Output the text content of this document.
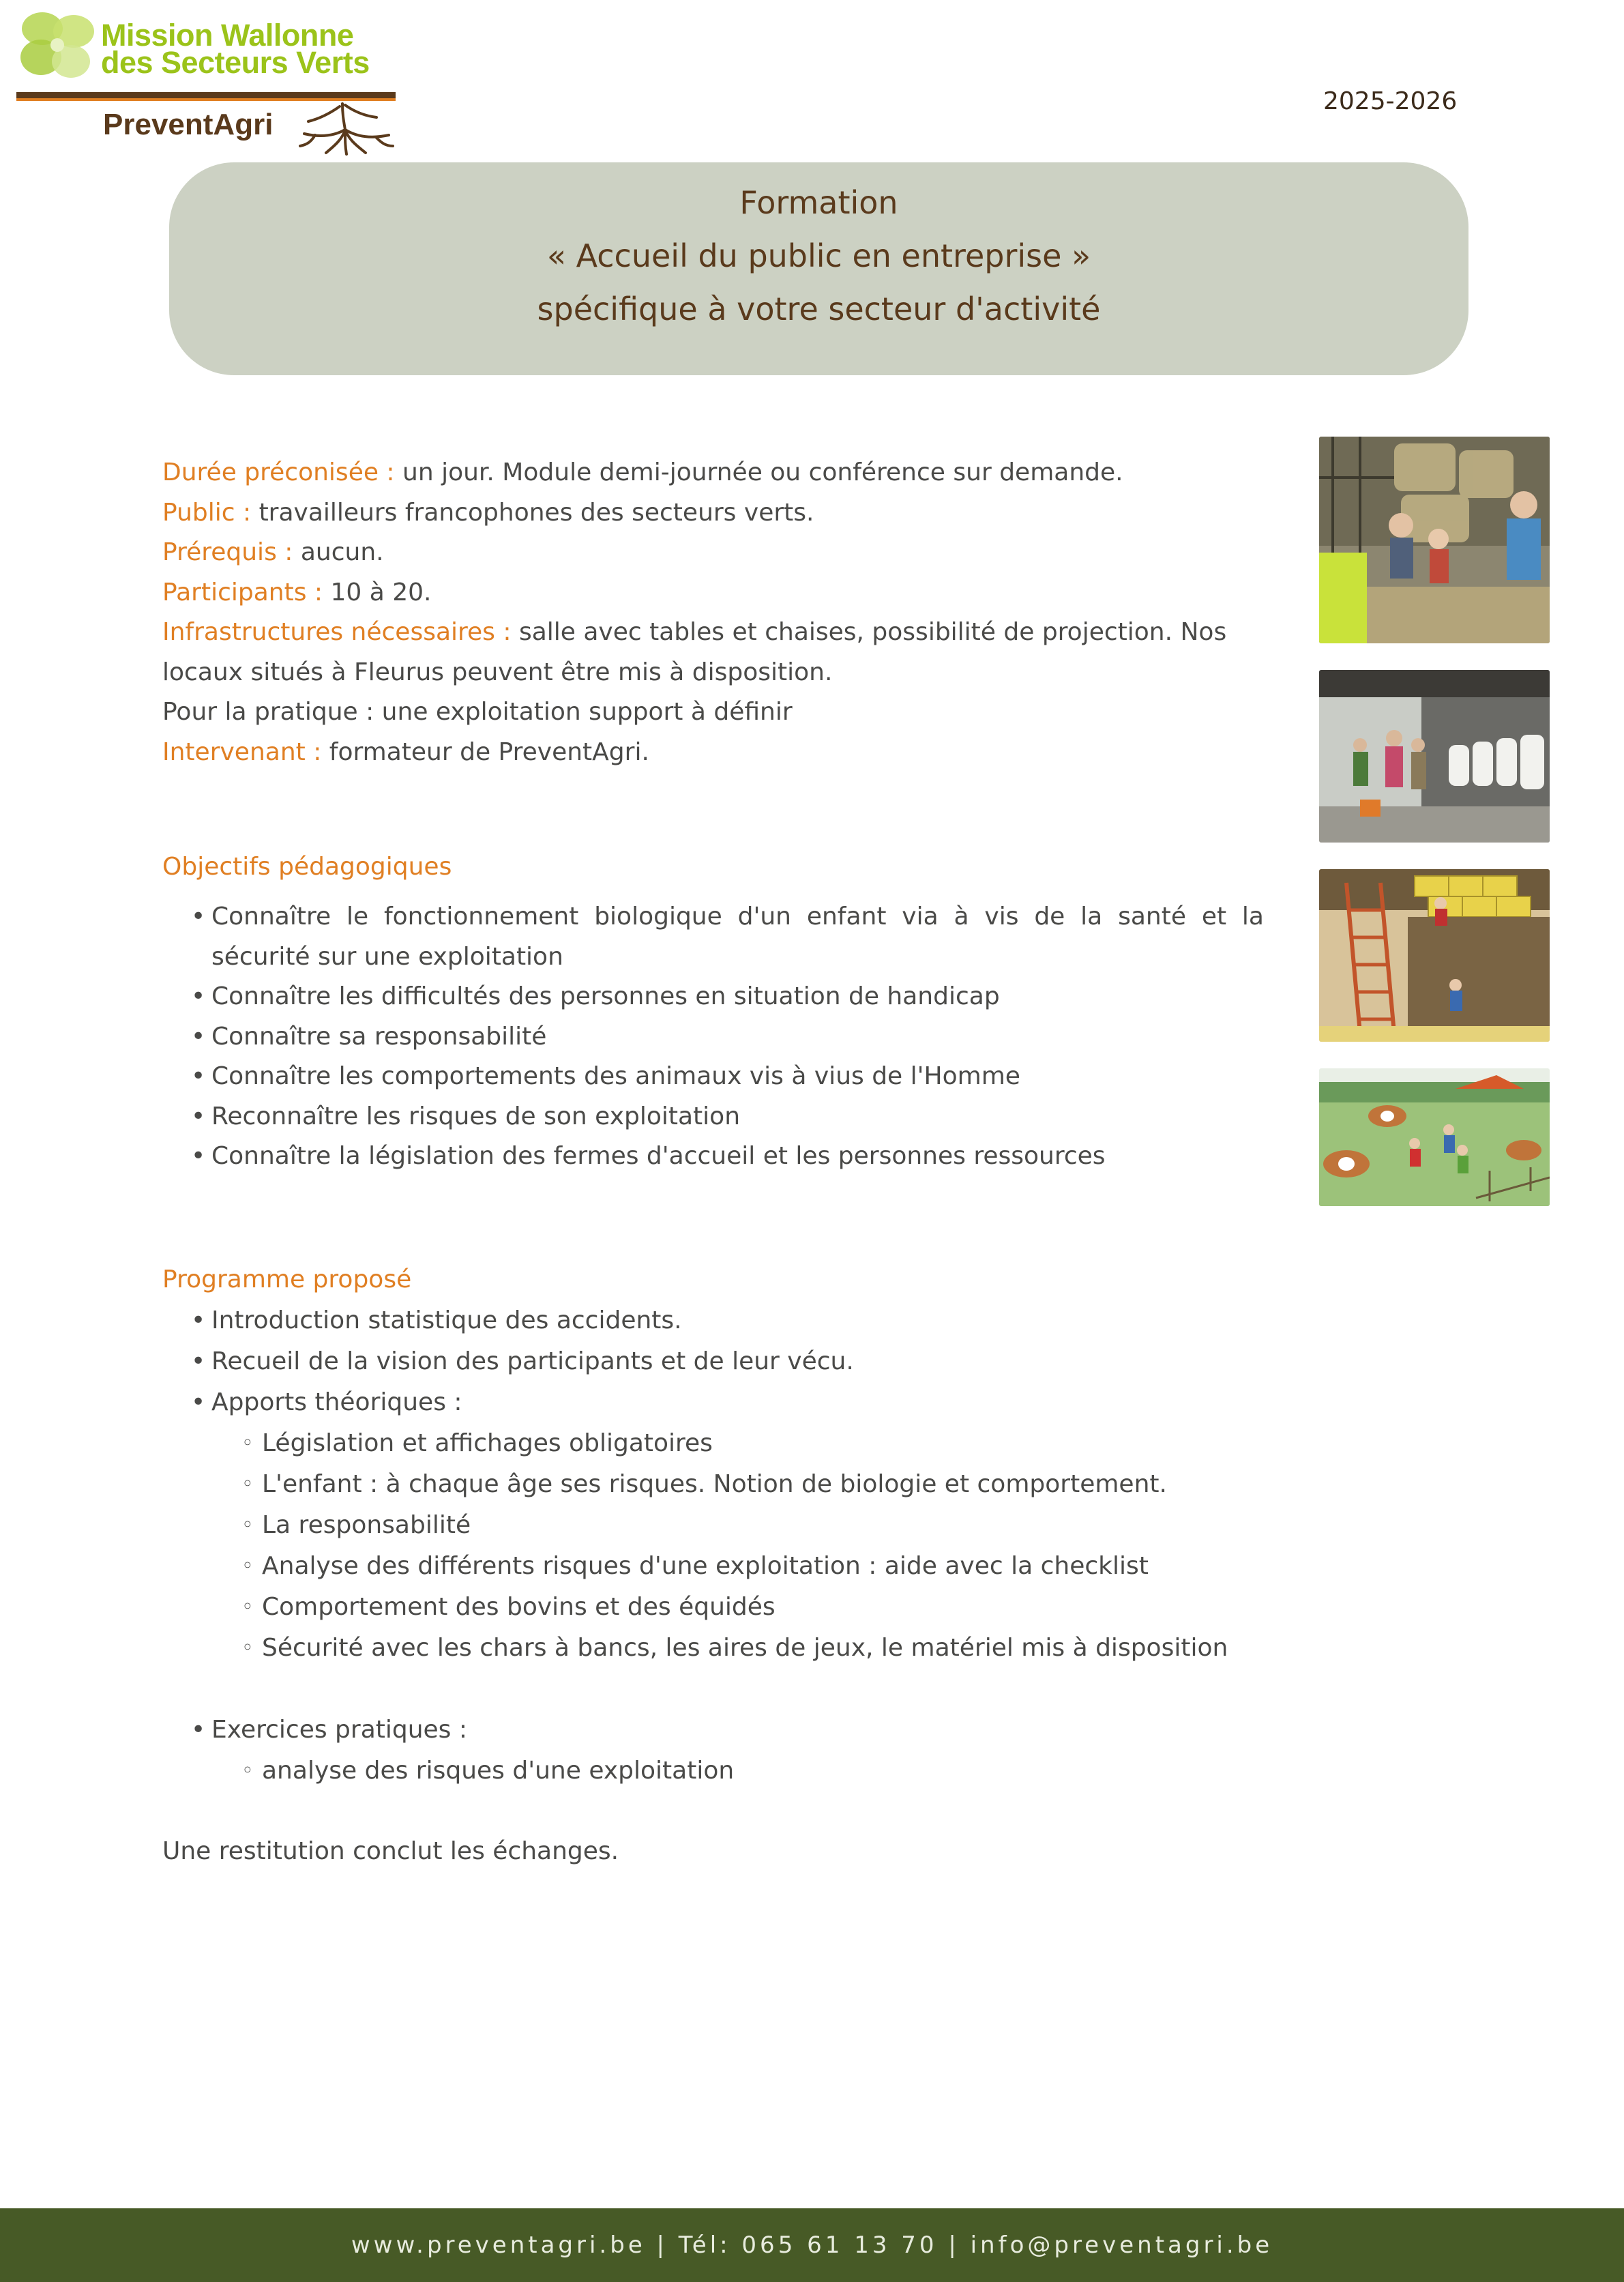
Mission Wallonne
des Secteurs Verts
PreventAgri
2025-2026
Formation
« Accueil du public en entreprise »
spécifique à votre secteur d'activité

Durée préconisée : un jour. Module demi-journée ou conférence sur demande.

Public : travailleurs francophones des secteurs verts.

Prérequis : aucun.

Participants : 10 à 20.

Infrastructures nécessaires : salle avec tables et chaises, possibilité de projection. Nos locaux situés à Fleurus peuvent être mis à disposition.

Pour la pratique : une exploitation support à définir

Intervenant : formateur de PreventAgri.

Objectifs pédagogiques
• Connaître le fonctionnement biologique d'un enfant via à vis de la santé et la sécurité sur une exploitation
• Connaître les difficultés des personnes en situation de handicap
• Connaître sa responsabilité
• Connaître les comportements des animaux vis à vius de l'Homme
• Reconnaître les risques de son exploitation
• Connaître la législation des fermes d'accueil et les personnes ressources
Programme proposé
• Introduction statistique des accidents.
• Recueil de la vision des participants et de leur vécu.
• Apports théoriques :
◦ Législation et affichages obligatoires
◦ L'enfant : à chaque âge ses risques. Notion de biologie et comportement.
◦ La responsabilité
◦ Analyse des différents risques d'une exploitation : aide avec la checklist
◦ Comportement des bovins et des équidés
◦ Sécurité avec les chars à bancs, les aires de jeux, le matériel mis à disposition
• Exercices pratiques :
◦ analyse des risques d'une exploitation
Une restitution conclut les échanges.
www.preventagri.be | Tél: 065 61 13 70 | info@preventagri.be
